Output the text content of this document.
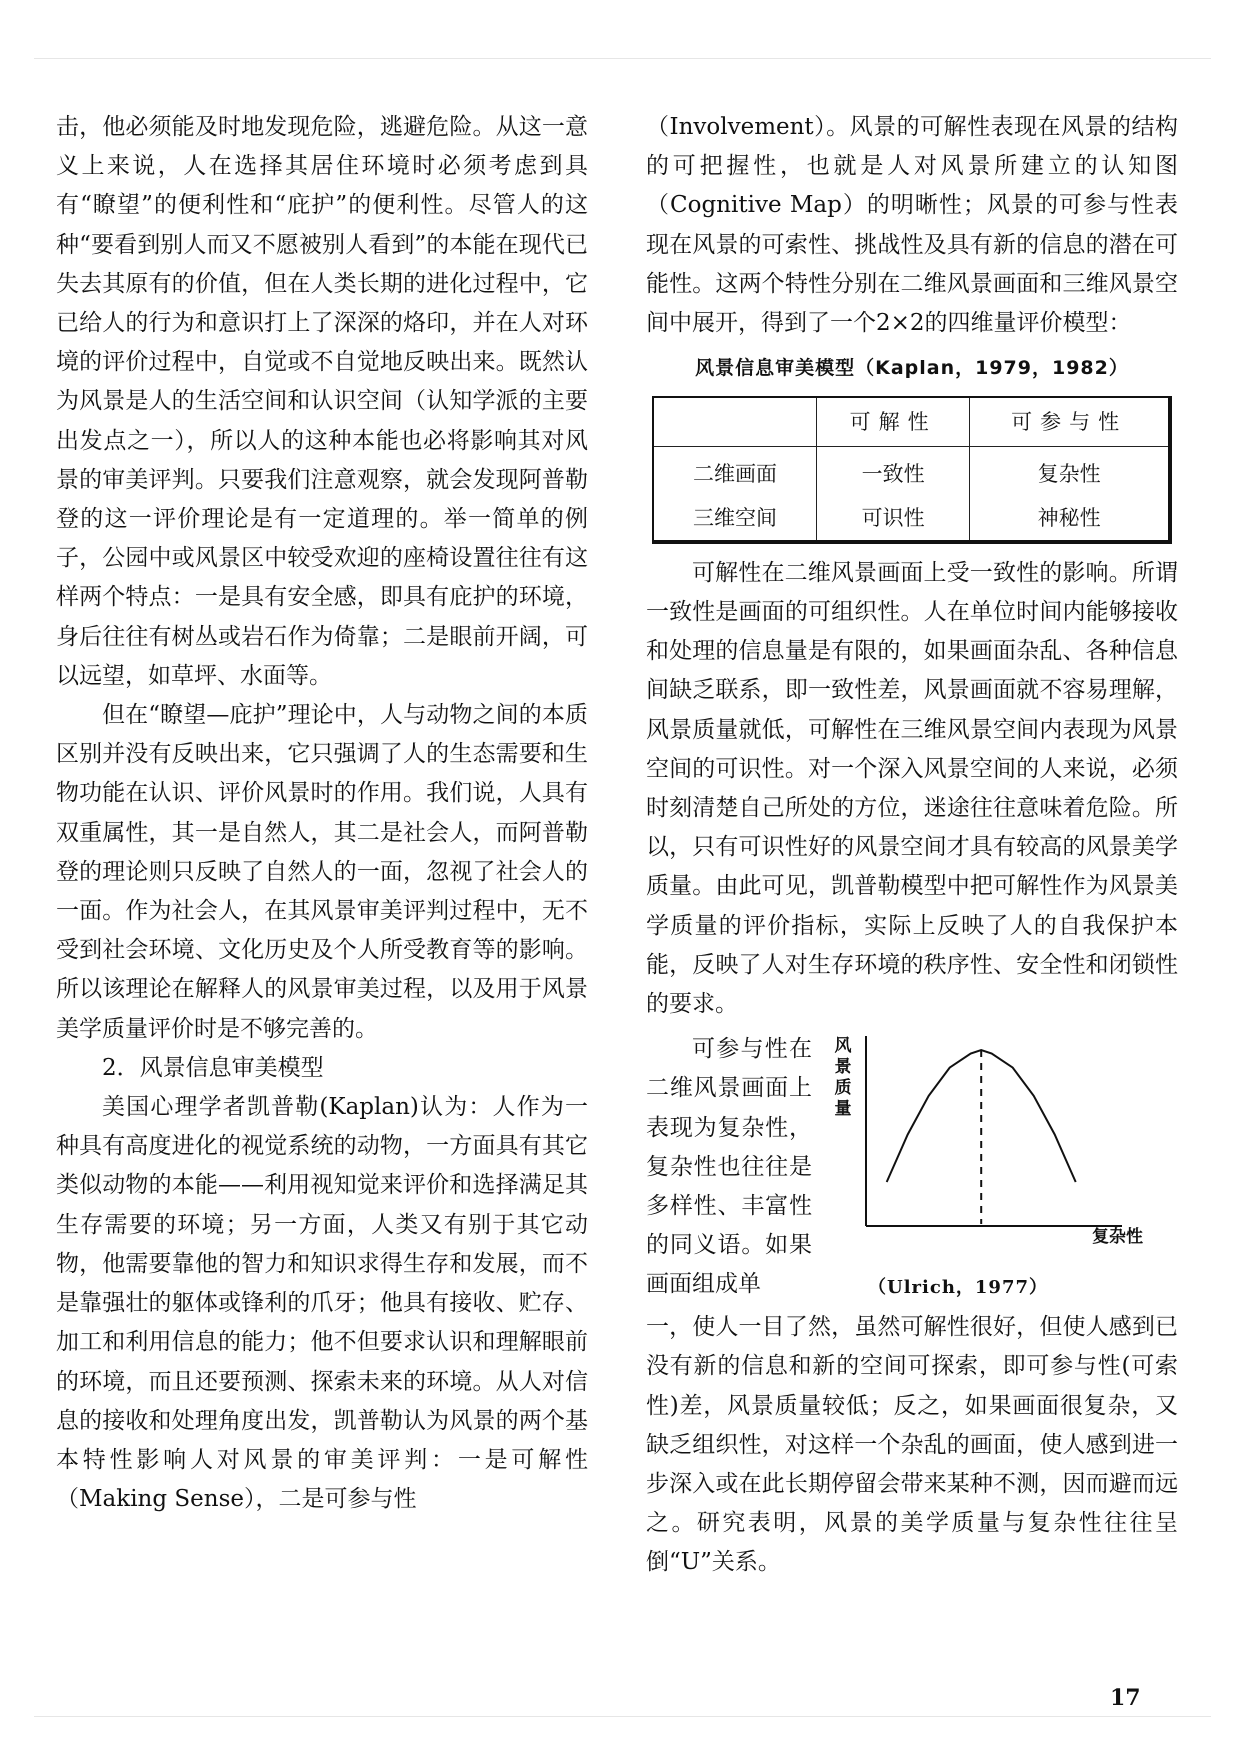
击，他必须能及时地发现危险，逃避危险。从这一意义上来说，人在选择其居住环境时必须考虑到具有“瞭望”的便利性和“庇护”的便利性。尽管人的这种“要看到别人而又不愿被别人看到”的本能在现代已失去其原有的价值，但在人类长期的进化过程中，它已给人的行为和意识打上了深深的烙印，并在人对环境的评价过程中，自觉或不自觉地反映出来。既然认为风景是人的生活空间和认识空间（认知学派的主要出发点之一），所以人的这种本能也必将影响其对风景的审美评判。只要我们注意观察，就会发现阿普勒登的这一评价理论是有一定道理的。举一简单的例子，公园中或风景区中较受欢迎的座椅设置往往有这样两个特点：一是具有安全感，即具有庇护的环境，身后往往有树丛或岩石作为倚靠；二是眼前开阔，可以远望，如草坪、水面等。

但在“瞭望—庇护”理论中，人与动物之间的本质区别并没有反映出来，它只强调了人的生态需要和生物功能在认识、评价风景时的作用。我们说，人具有双重属性，其一是自然人，其二是社会人，而阿普勒登的理论则只反映了自然人的一面，忽视了社会人的一面。作为社会人，在其风景审美评判过程中，无不受到社会环境、文化历史及个人所受教育等的影响。所以该理论在解释人的风景审美过程，以及用于风景美学质量评价时是不够完善的。

2．风景信息审美模型

美国心理学者凯普勒(Kaplan)认为：人作为一种具有高度进化的视觉系统的动物，一方面具有其它类似动物的本能——利用视知觉来评价和选择满足其生存需要的环境；另一方面，人类又有别于其它动物，他需要靠他的智力和知识求得生存和发展，而不是靠强壮的躯体或锋利的爪牙；他具有接收、贮存、加工和利用信息的能力；他不但要求认识和理解眼前的环境，而且还要预测、探索未来的环境。从人对信息的接收和处理角度出发，凯普勒认为风景的两个基本特性影响人对风景的审美评判：一是可解性（Making Sense），二是可参与性

（Involvement）。风景的可解性表现在风景的结构的可把握性，也就是人对风景所建立的认知图（Cognitive Map）的明晰性；风景的可参与性表现在风景的可索性、挑战性及具有新的信息的潜在可能性。这两个特性分别在二维风景画面和三维风景空间中展开，得到了一个2×2的四维量评价模型：

风景信息审美模型（Kaplan，1979，1982）
	可解性	可参与性
二维画面	一致性	复杂性
三维空间	可识性	神秘性

可解性在二维风景画面上受一致性的影响。所谓一致性是画面的可组织性。人在单位时间内能够接收和处理的信息量是有限的，如果画面杂乱、各种信息间缺乏联系，即一致性差，风景画面就不容易理解，风景质量就低，可解性在三维风景空间内表现为风景空间的可识性。对一个深入风景空间的人来说，必须时刻清楚自己所处的方位，迷途往往意味着危险。所以，只有可识性好的风景空间才具有较高的风景美学质量。由此可见，凯普勒模型中把可解性作为风景美学质量的评价指标，实际上反映了人的自我保护本能，反映了人对生存环境的秩序性、安全性和闭锁性的要求。

可参与性在二维风景画面上表现为复杂性，复杂性也往往是多样性、丰富性的同义语。如果画面组成单

风景质量
复杂性
（Ulrich，1977）

一，使人一目了然，虽然可解性很好，但使人感到已没有新的信息和新的空间可探索，即可参与性(可索性)差，风景质量较低；反之，如果画面很复杂，又缺乏组织性，对这样一个杂乱的画面，使人感到进一步深入或在此长期停留会带来某种不测，因而避而远之。研究表明，风景的美学质量与复杂性往往呈倒“U”关系。

17
